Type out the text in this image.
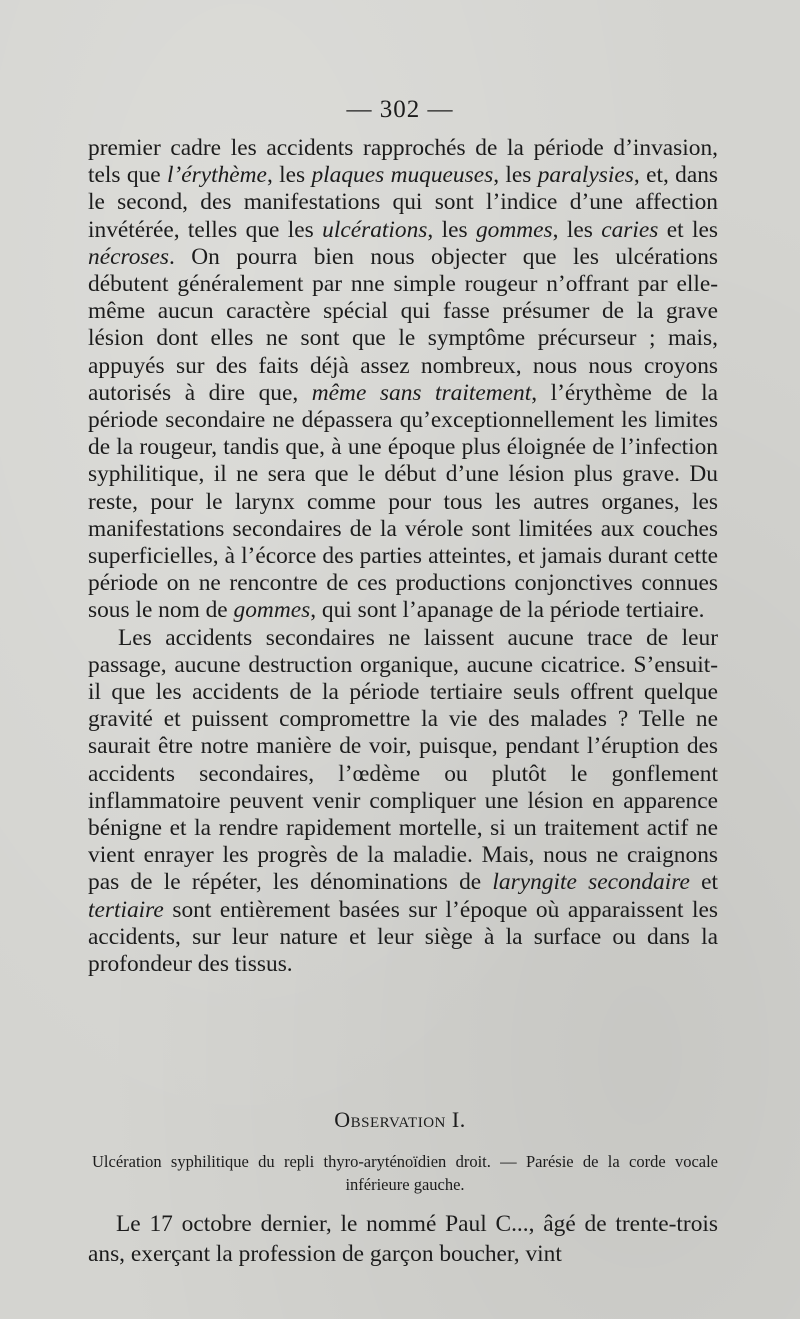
— 302 —

premier cadre les accidents rapprochés de la période d’invasion, tels que l’érythème, les plaques muqueuses, les paralysies, et, dans le second, des manifestations qui sont l’indice d’une affection invétérée, telles que les ulcérations, les gommes, les caries et les nécroses. On pourra bien nous objecter que les ulcérations débutent généralement par nne simple rougeur n’offrant par elle-même aucun caractère spécial qui fasse présumer de la grave lésion dont elles ne sont que le symptôme précurseur ; mais, appuyés sur des faits déjà assez nombreux, nous nous croyons autorisés à dire que, même sans traitement, l’érythème de la période secondaire ne dépassera qu’exceptionnellement les limites de la rougeur, tandis que, à une époque plus éloignée de l’infection syphilitique, il ne sera que le début d’une lésion plus grave. Du reste, pour le larynx comme pour tous les autres organes, les manifestations secondaires de la vérole sont limitées aux couches superficielles, à l’écorce des parties atteintes, et jamais durant cette période on ne rencontre de ces productions conjonctives connues sous le nom de gommes, qui sont l’apanage de la période tertiaire.

Les accidents secondaires ne laissent aucune trace de leur passage, aucune destruction organique, aucune cicatrice. S’ensuit-il que les accidents de la période tertiaire seuls offrent quelque gravité et puissent compromettre la vie des malades ? Telle ne saurait être notre manière de voir, puisque, pendant l’éruption des accidents secondaires, l’œdème ou plutôt le gonflement inflammatoire peuvent venir compliquer une lésion en apparence bénigne et la rendre rapidement mortelle, si un traitement actif ne vient enrayer les progrès de la maladie. Mais, nous ne craignons pas de le répéter, les dénominations de laryngite secondaire et tertiaire sont entièrement basées sur l’époque où apparaissent les accidents, sur leur nature et leur siège à la surface ou dans la profondeur des tissus.

Observation I.
Ulcération syphilitique du repli thyro-aryténoïdien droit. — Parésie de la corde vocale inférieure gauche.

Le 17 octobre dernier, le nommé Paul C..., âgé de trente-trois ans, exerçant la profession de garçon boucher, vint
